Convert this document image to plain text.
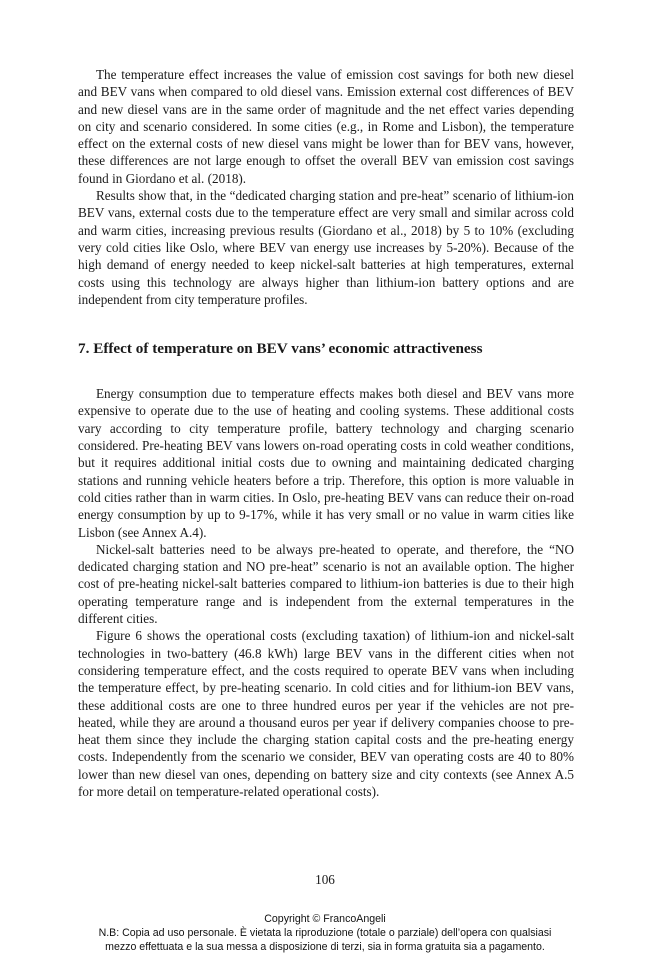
The temperature effect increases the value of emission cost savings for both new diesel and BEV vans when compared to old diesel vans. Emission external cost differences of BEV and new diesel vans are in the same order of magnitude and the net effect varies depending on city and scenario considered. In some cities (e.g., in Rome and Lisbon), the temperature effect on the external costs of new diesel vans might be lower than for BEV vans, however, these differences are not large enough to offset the overall BEV van emission cost savings found in Giordano et al. (2018).

Results show that, in the “dedicated charging station and pre-heat” scenario of lithium-ion BEV vans, external costs due to the temperature effect are very small and similar across cold and warm cities, increasing previous results (Giordano et al., 2018) by 5 to 10% (excluding very cold cities like Oslo, where BEV van energy use increases by 5-20%). Because of the high demand of energy needed to keep nickel-salt batteries at high temperatures, external costs using this technology are always higher than lithium-ion battery options and are independent from city temperature profiles.

7. Effect of temperature on BEV vans’ economic attractiveness

Energy consumption due to temperature effects makes both diesel and BEV vans more expensive to operate due to the use of heating and cooling systems. These additional costs vary according to city temperature profile, battery technology and charging scenario considered. Pre-heating BEV vans lowers on-road operating costs in cold weather conditions, but it requires additional initial costs due to owning and maintaining dedicated charging stations and running vehicle heaters before a trip. Therefore, this option is more valuable in cold cities rather than in warm cities. In Oslo, pre-heating BEV vans can reduce their on-road energy consumption by up to 9-17%, while it has very small or no value in warm cities like Lisbon (see Annex A.4).

Nickel-salt batteries need to be always pre-heated to operate, and therefore, the “NO dedicated charging station and NO pre-heat” scenario is not an available option. The higher cost of pre-heating nickel-salt batteries compared to lithium-ion batteries is due to their high operating temperature range and is independent from the external temperatures in the different cities.

Figure 6 shows the operational costs (excluding taxation) of lithium-ion and nickel-salt technologies in two-battery (46.8 kWh) large BEV vans in the different cities when not considering temperature effect, and the costs required to operate BEV vans when including the temperature effect, by pre-heating scenario. In cold cities and for lithium-ion BEV vans, these additional costs are one to three hundred euros per year if the vehicles are not pre-heated, while they are around a thousand euros per year if delivery companies choose to pre-heat them since they include the charging station capital costs and the pre-heating energy costs. Independently from the scenario we consider, BEV van operating costs are 40 to 80% lower than new diesel van ones, depending on battery size and city contexts (see Annex A.5 for more detail on temperature-related operational costs).

106
Copyright © FrancoAngeli
N.B: Copia ad uso personale. È vietata la riproduzione (totale o parziale) dell’opera con qualsiasi
mezzo effettuata e la sua messa a disposizione di terzi, sia in forma gratuita sia a pagamento.
